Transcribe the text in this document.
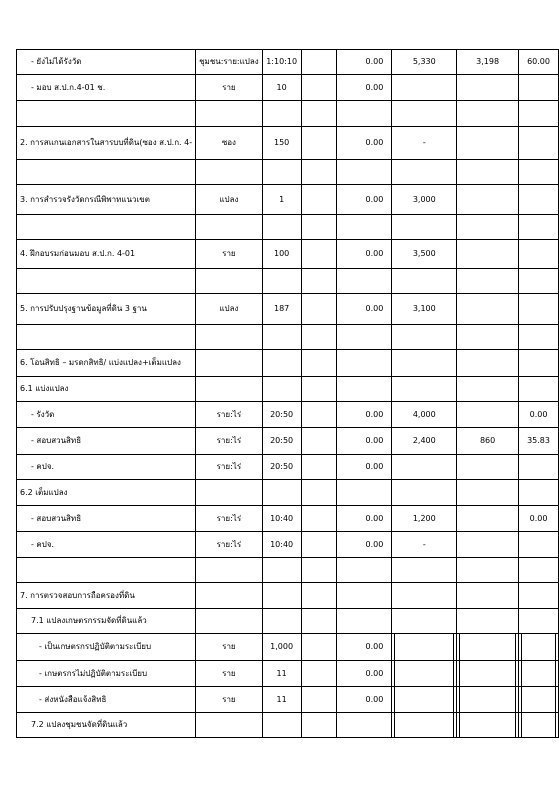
- ยังไม่ได้รังวัด	ชุมชน:ราย:แปลง	1:10:10		0.00	5,330	3,198	60.00
- มอบ ส.ป.ก.4-01 ช.	ราย	10		0.00			

2. การสแกนเอกสารในสารบบที่ดิน(ซอง ส.ป.ก. 4-	ซอง	150		0.00	-		

3. การสำรวจรังวัดกรณีพิพาทแนวเขต	แปลง	1		0.00	3,000		

4. ฝึกอบรมก่อนมอบ ส.ป.ก. 4-01	ราย	100		0.00	3,500		

5. การปรับปรุงฐานข้อมูลที่ดิน 3 ฐาน	แปลง	187		0.00	3,100		

6. โอนสิทธิ – มรดกสิทธิ/ แบ่งแปลง+เต็มแปลง							
6.1 แบ่งแปลง							
- รังวัด	ราย:ไร่	20:50		0.00	4,000		0.00
- สอบสวนสิทธิ	ราย:ไร่	20:50		0.00	2,400	860	35.83
- คปจ.	ราย:ไร่	20:50		0.00			
6.2 เต็มแปลง							
- สอบสวนสิทธิ	ราย:ไร่	10:40		0.00	1,200		0.00
- คปจ.	ราย:ไร่	10:40		0.00	-		

7. การตรวจสอบการถือครองที่ดิน							
7.1 แปลงเกษตรกรรมจัดที่ดินแล้ว							
- เป็นเกษตรกรปฏิบัติตามระเบียบ	ราย	1,000		0.00			
- เกษตรกรไม่ปฏิบัติตามระเบียบ	ราย	11		0.00			
- ส่งหนังสือแจ้งสิทธิ	ราย	11		0.00			
7.2 แปลงชุมชนจัดที่ดินแล้ว							
